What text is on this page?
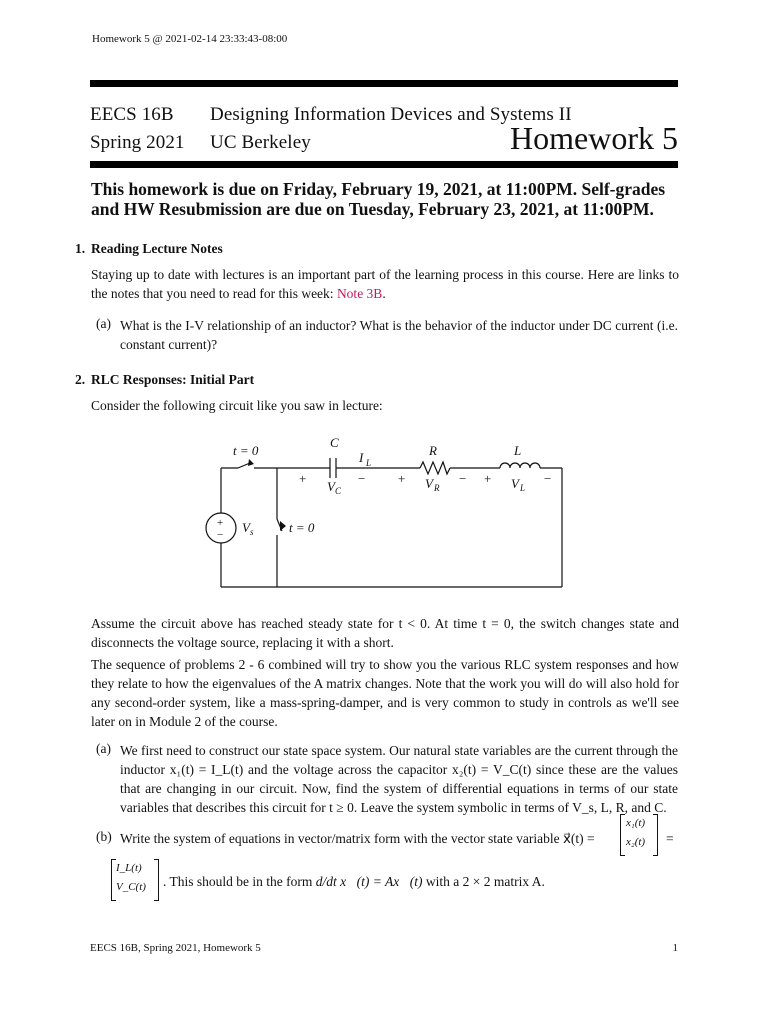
Homework 5 @ 2021-02-14 23:33:43-08:00
EECS 16B Designing Information Devices and Systems II
Spring 2021 UC Berkeley	Homework 5
This homework is due on Friday, February 19, 2021, at 11:00PM. Self-grades and HW Resubmission are due on Tuesday, February 23, 2021, at 11:00PM.
1. Reading Lecture Notes
Staying up to date with lectures is an important part of the learning process in this course. Here are links to the notes that you need to read for this week: Note 3B.
(a) What is the I-V relationship of an inductor? What is the behavior of the inductor under DC current (i.e. constant current)?
2. RLC Responses: Initial Part
Consider the following circuit like you saw in lecture:
t = 0
t = 0
C
I L
R	L
V s
V C	V R	V L
+	−	+	− +	−
+
−
Assume the circuit above has reached steady state for t < 0. At time t = 0, the switch changes state and disconnects the voltage source, replacing it with a short.
The sequence of problems 2 - 6 combined will try to show you the various RLC system responses and how they relate to how the eigenvalues of the A matrix changes. Note that the work you will do will also hold for any second-order system, like a mass-spring-damper, and is very common to study in controls as we'll see later on in Module 2 of the course.
(a) We first need to construct our state space system. Our natural state variables are the current through the inductor x₁(t) = I_L(t) and the voltage across the capacitor x₂(t) = V_C(t) since these are the values that are changing in our circuit. Now, find the system of differential equations in terms of our state variables that describes this circuit for t ≥ 0. Leave the system symbolic in terms of V_s, L, R, and C.
(b) Write the system of equations in vector/matrix form with the vector state variable x⃗(t) =
x₁(t)
x₂(t) =
I_L(t)
V_C(t) . This should be in the form d/dt x⃗(t) = Ax⃗(t) with a 2 × 2 matrix A.
EECS 16B, Spring 2021, Homework 5	1
